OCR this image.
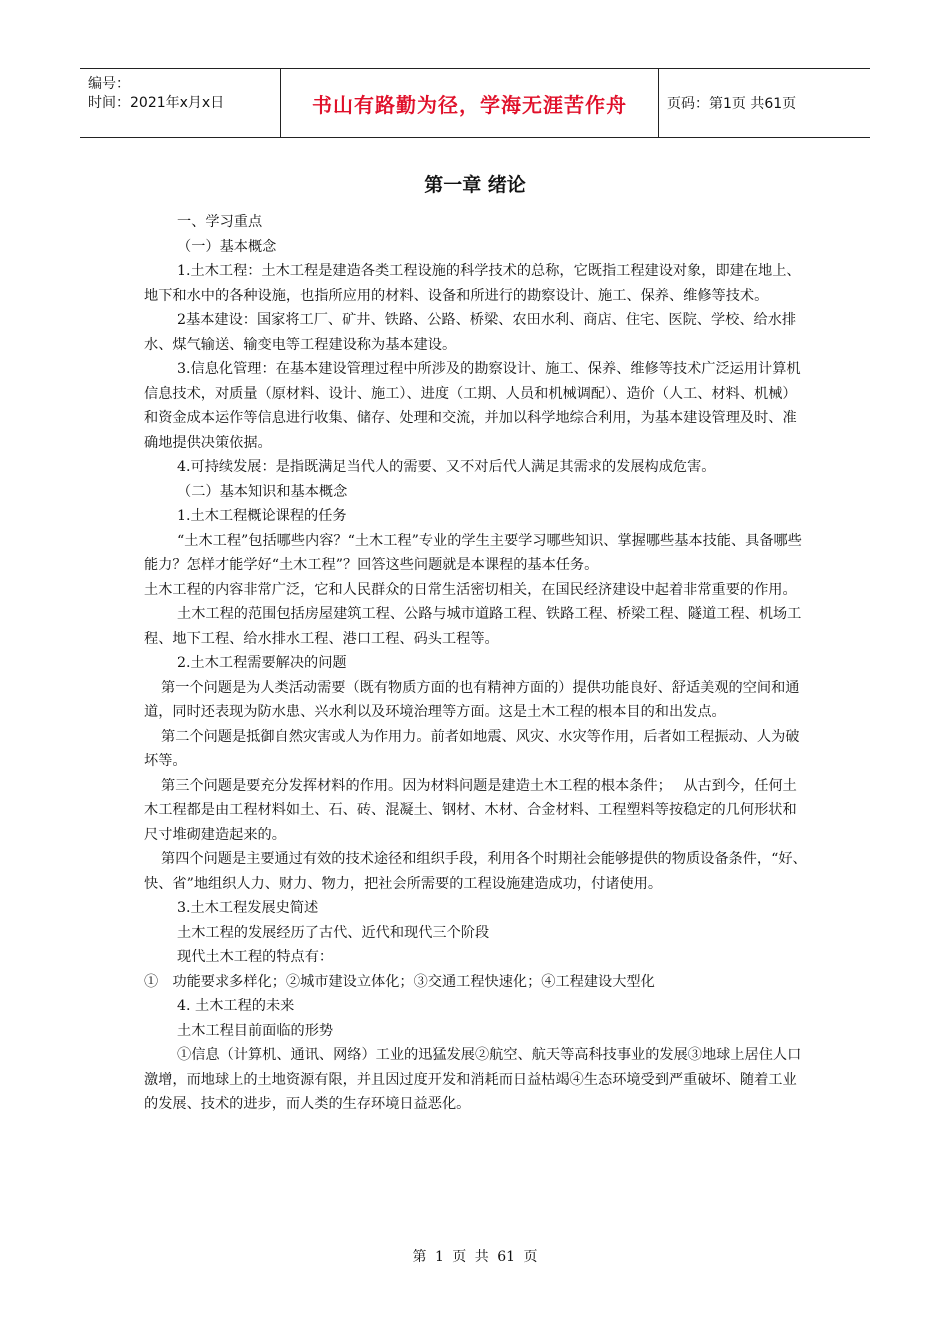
编号：
时间：2021年x月x日	书山有路勤为径，学海无涯苦作舟	页码：第1页 共61页
第一章 绪论

一、学习重点

（一）基本概念

1.土木工程：土木工程是建造各类工程设施的科学技术的总称，它既指工程建设对象，即建在地上、地下和水中的各种设施，也指所应用的材料、设备和所进行的勘察设计、施工、保养、维修等技术。

2基本建设：国家将工厂、矿井、铁路、公路、桥梁、农田水利、商店、住宅、医院、学校、给水排水、煤气输送、输变电等工程建设称为基本建设。

3.信息化管理：在基本建设管理过程中所涉及的勘察设计、施工、保养、维修等技术广泛运用计算机信息技术，对质量（原材料、设计、施工）、进度（工期、人员和机械调配）、造价（人工、材料、机械）和资金成本运作等信息进行收集、储存、处理和交流，并加以科学地综合利用，为基本建设管理及时、准确地提供决策依据。

4.可持续发展：是指既满足当代人的需要、又不对后代人满足其需求的发展构成危害。

（二）基本知识和基本概念

1.土木工程概论课程的任务

“土木工程”包括哪些内容？“土木工程”专业的学生主要学习哪些知识、掌握哪些基本技能、具备哪些能力？怎样才能学好“土木工程”？回答这些问题就是本课程的基本任务。

土木工程的内容非常广泛，它和人民群众的日常生活密切相关，在国民经济建设中起着非常重要的作用。

土木工程的范围包括房屋建筑工程、公路与城市道路工程、铁路工程、桥梁工程、隧道工程、机场工程、地下工程、给水排水工程、港口工程、码头工程等。

2.土木工程需要解决的问题

第一个问题是为人类活动需要（既有物质方面的也有精神方面的）提供功能良好、舒适美观的空间和通道，同时还表现为防水患、兴水利以及环境治理等方面。这是土木工程的根本目的和出发点。

第二个问题是抵御自然灾害或人为作用力。前者如地震、风灾、水灾等作用，后者如工程振动、人为破坏等。

第三个问题是要充分发挥材料的作用。因为材料问题是建造土木工程的根本条件；　 从古到今，任何土木工程都是由工程材料如土、石、砖、混凝土、钢材、木材、合金材料、工程塑料等按稳定的几何形状和尺寸堆砌建造起来的。

第四个问题是主要通过有效的技术途径和组织手段，利用各个时期社会能够提供的物质设备条件，“好、快、省”地组织人力、财力、物力，把社会所需要的工程设施建造成功，付诸使用。

3.土木工程发展史简述

土木工程的发展经历了古代、近代和现代三个阶段

现代土木工程的特点有：

①　功能要求多样化；②城市建设立体化；③交通工程快速化；④工程建设大型化

4. 土木工程的未来

土木工程目前面临的形势

①信息（计算机、通讯、网络）工业的迅猛发展②航空、航天等高科技事业的发展③地球上居住人口激增，而地球上的土地资源有限，并且因过度开发和消耗而日益枯竭④生态环境受到严重破坏、随着工业的发展、技术的进步，而人类的生存环境日益恶化。

第 1 页 共 61 页
